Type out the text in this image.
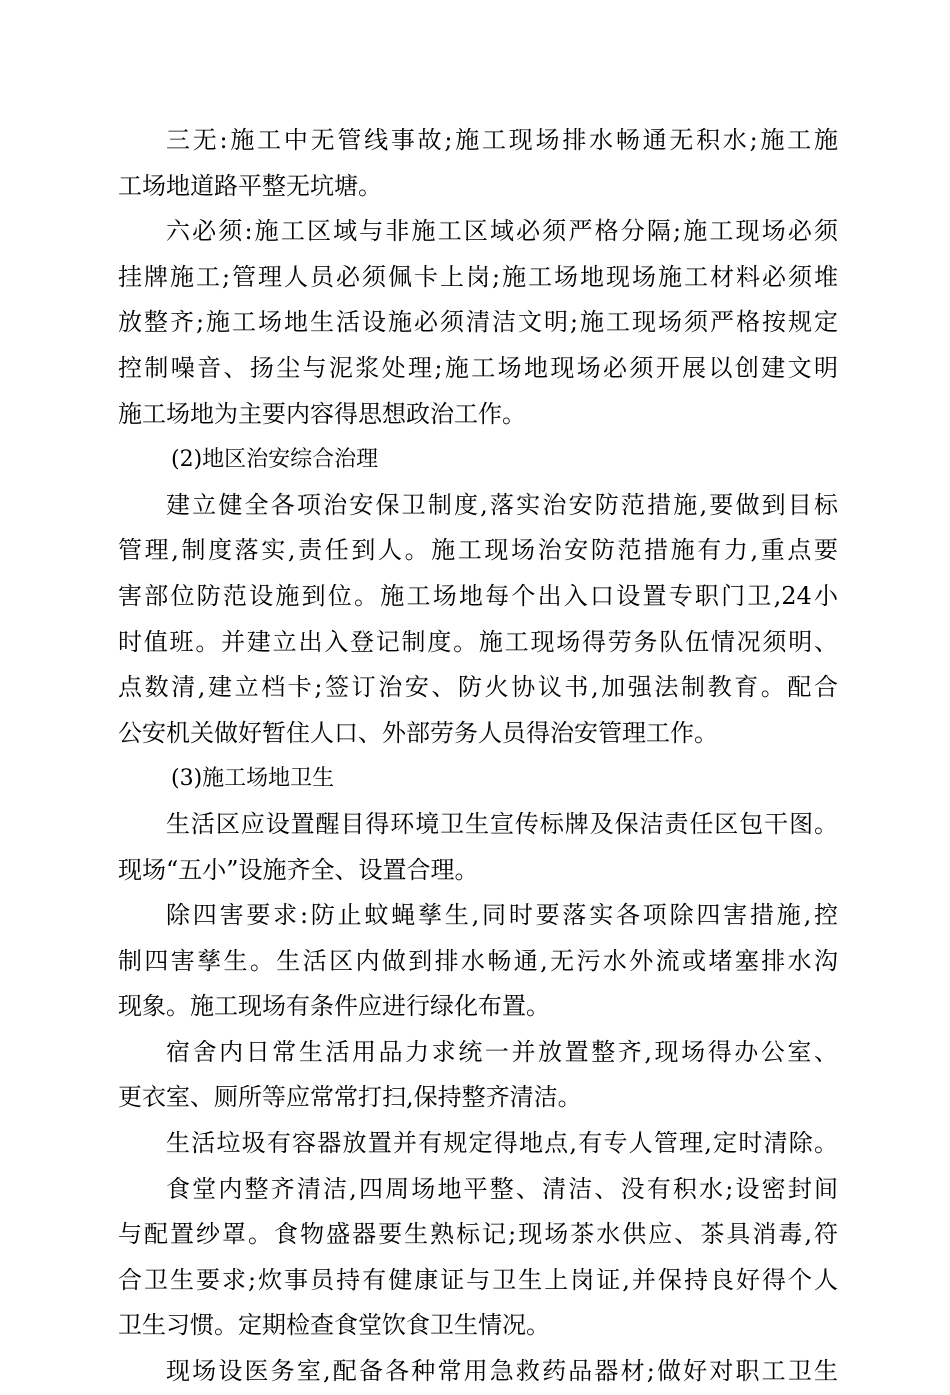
三无:施工中无管线事故;施工现场排水畅通无积水;施工施
工场地道路平整无坑塘。
六必须:施工区域与非施工区域必须严格分隔;施工现场必须
挂牌施工;管理人员必须佩卡上岗;施工场地现场施工材料必须堆
放整齐;施工场地生活设施必须清洁文明;施工现场须严格按规定
控制噪音、扬尘与泥浆处理;施工场地现场必须开展以创建文明
施工场地为主要内容得思想政治工作。
(2)地区治安综合治理
建立健全各项治安保卫制度,落实治安防范措施,要做到目标
管理,制度落实,责任到人。施工现场治安防范措施有力,重点要
害部位防范设施到位。施工场地每个出入口设置专职门卫,24小
时值班。并建立出入登记制度。施工现场得劳务队伍情况须明、
点数清,建立档卡;签订治安、防火协议书,加强法制教育。配合
公安机关做好暂住人口、外部劳务人员得治安管理工作。
(3)施工场地卫生
生活区应设置醒目得环境卫生宣传标牌及保洁责任区包干图。
现场“五小”设施齐全、设置合理。
除四害要求:防止蚊蝇孳生,同时要落实各项除四害措施,控
制四害孳生。生活区内做到排水畅通,无污水外流或堵塞排水沟
现象。施工现场有条件应进行绿化布置。
宿舍内日常生活用品力求统一并放置整齐,现场得办公室、
更衣室、厕所等应常常打扫,保持整齐清洁。
生活垃圾有容器放置并有规定得地点,有专人管理,定时清除。
食堂内整齐清洁,四周场地平整、清洁、没有积水;设密封间
与配置纱罩。食物盛器要生熟标记;现场茶水供应、茶具消毒,符
合卫生要求;炊事员持有健康证与卫生上岗证,并保持良好得个人
卫生习惯。定期检查食堂饮食卫生情况。
现场设医务室,配备各种常用急救药品器材;做好对职工卫生
